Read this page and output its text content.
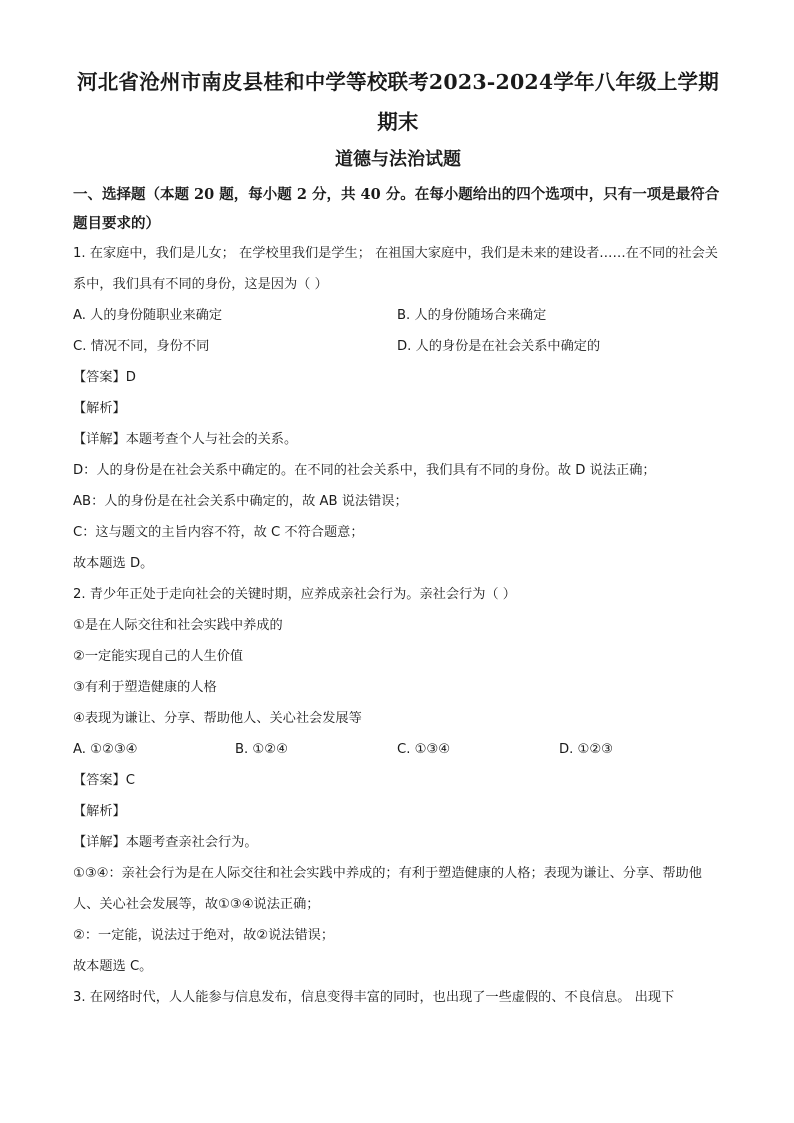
河北省沧州市南皮县桂和中学等校联考2023-2024学年八年级上学期
期末
道德与法治试题
一、选择题（本题 20 题，每小题 2 分，共 40 分。在每小题给出的四个选项中，只有一项是最符合题目要求的）
1. 在家庭中，我们是儿女； 在学校里我们是学生； 在祖国大家庭中，我们是未来的建设者……在不同的社会关系中，我们具有不同的身份，这是因为（ ）
A. 人的身份随职业来确定	B. 人的身份随场合来确定
C. 情况不同，身份不同	D. 人的身份是在社会关系中确定的
【答案】D
【解析】
【详解】本题考查个人与社会的关系。
D：人的身份是在社会关系中确定的。在不同的社会关系中，我们具有不同的身份。故 D 说法正确；
AB：人的身份是在社会关系中确定的，故 AB 说法错误；
C：这与题文的主旨内容不符，故 C 不符合题意；
故本题选 D。
2. 青少年正处于走向社会的关键时期，应养成亲社会行为。亲社会行为（ ）
①是在人际交往和社会实践中养成的
②一定能实现自己的人生价值
③有利于塑造健康的人格
④表现为谦让、分享、帮助他人、关心社会发展等
A. ①②③④	B. ①②④	C. ①③④	D. ①②③
【答案】C
【解析】
【详解】本题考查亲社会行为。
①③④：亲社会行为是在人际交往和社会实践中养成的；有利于塑造健康的人格；表现为谦让、分享、帮助他人、关心社会发展等，故①③④说法正确；
②：一定能，说法过于绝对，故②说法错误；
故本题选 C。
3. 在网络时代，人人能参与信息发布，信息变得丰富的同时，也出现了一些虚假的、不良信息。 出现下
